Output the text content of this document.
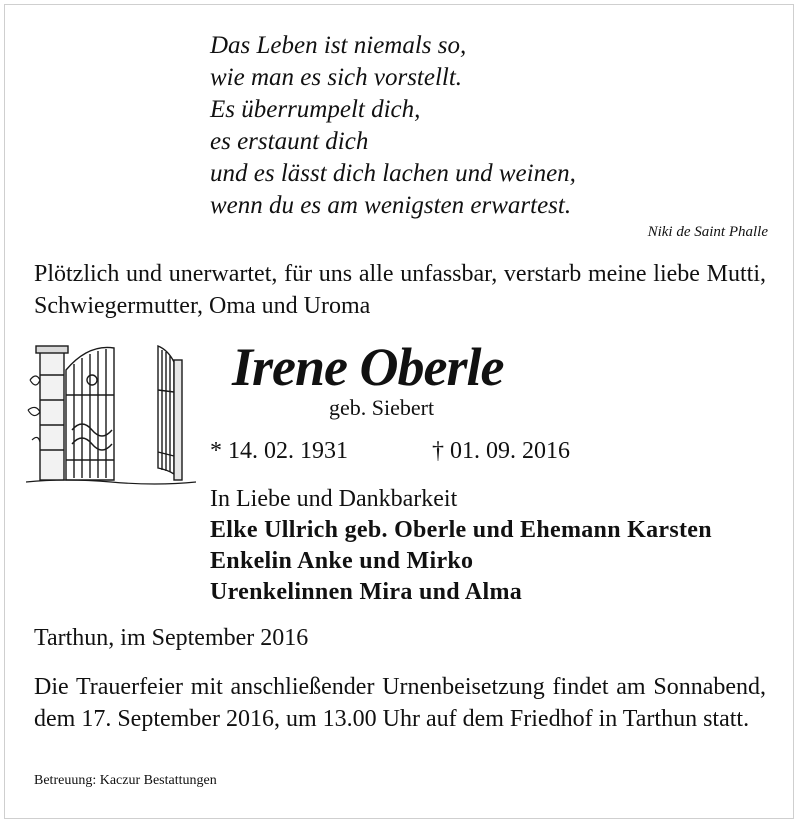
Das Leben ist niemals so,
wie man es sich vorstellt.
Es überrumpelt dich,
es erstaunt dich
und es lässt dich lachen und weinen,
wenn du es am wenigsten erwartest.
Niki de Saint Phalle
Plötzlich und unerwartet, für uns alle unfassbar, verstarb meine liebe Mutti, Schwiegermutter, Oma und Uroma
Irene Oberle
geb. Siebert
* 14. 02. 1931	† 01. 09. 2016
In Liebe und Dankbarkeit
Elke Ullrich geb. Oberle und Ehemann Karsten
Enkelin Anke und Mirko
Urenkelinnen Mira und Alma
Tarthun, im September 2016
Die Trauerfeier mit anschließender Urnenbeisetzung findet am Sonnabend, dem 17. September 2016, um 13.00 Uhr auf dem Friedhof in Tarthun statt.
Betreuung: Kaczur Bestattungen
